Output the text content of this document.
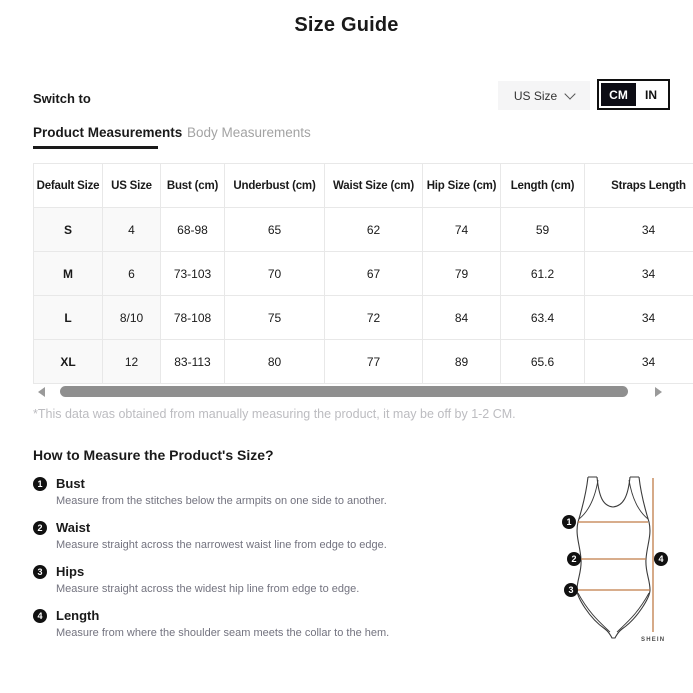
Size Guide
Switch to	US Size	CM	IN
Product Measurements Body Measurements
Default Size	US Size	Bust (cm)	Underbust (cm)	Waist Size (cm)	Hip Size (cm)	Length (cm)	Straps Length
S	4	68-98	65	62	74	59	34
M	6	73-103	70	67	79	61.2	34
L	8/10	78-108	75	72	84	63.4	34
XL	12	83-113	80	77	89	65.6	34
*This data was obtained from manually measuring the product, it may be off by 1-2 CM.
How to Measure the Product's Size?
1	Bust
Measure from the stitches below the armpits on one side to another.
2	Waist
Measure straight across the narrowest waist line from edge to edge.
3	Hips
Measure straight across the widest hip line from edge to edge.
4	Length
Measure from where the shoulder seam meets the collar to the hem.
1
2
3
4
SHEIN
